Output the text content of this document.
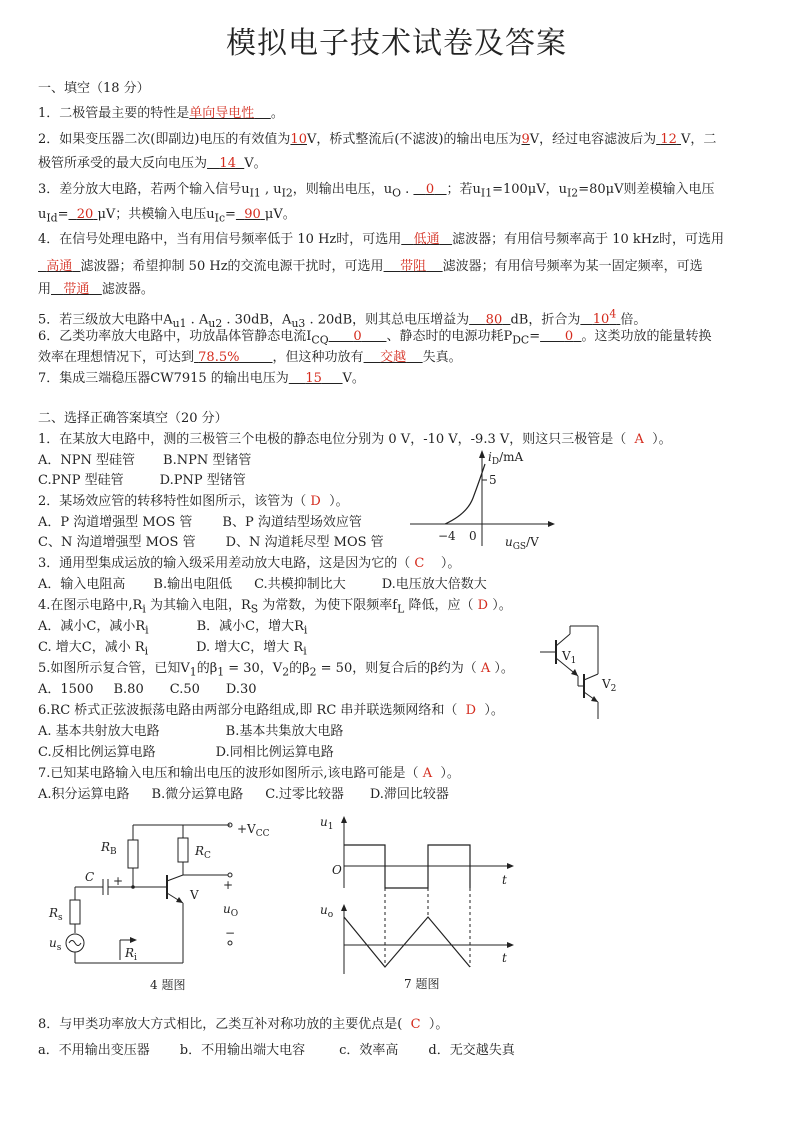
模拟电子技术试卷及答案
一、填空（18 分）
1．二极管最主要的特性是单向导电性 。
2．如果变压器二次(即副边)电压的有效值为10V，桥式整流后(不滤波)的输出电压为9V，经过电容滤波后为 12 V，二
极管所承受的最大反向电压为 14 V。
3．差分放大电路，若两个输入信号$u_{I1}$ , $u_{I2}$，则输出电压，$u_O$ .    0 ；若$u_{I1}=100\mu V$，$u_{I2}=80\mu V$则差模输入电压
$u_{Id}= 20$ μV；共模输入电压$u_{Ic}= 90$ μV。
4．在信号处理电路中，当有用信号频率低于 10 Hz时，可选用 低通 滤波器；有用信号频率高于 10 kHz时，可选用
高通 滤波器；希望抑制 50 Hz的交流电源干扰时，可选用 带阻 滤波器；有用信号频率为某一固定频率，可选
用 带通 滤波器。
5．若三级放大电路中$A_{u1}$ . $A_{u2}$ . 30dB，$A_{u3}$ . 20dB，则其总电压增益为 80 dB，折合为 $10^4$ 倍。
6．乙类功率放大电路中，功放晶体管静态电流$I_{CQ}$ 0 、静态时的电源功耗$P_{DC}= 0$ 。这类功放的能量转换
效率在理想情况下，可达到 78.5%	，但这种功放有 交越 失真。
7．集成三端稳压器CW7915 的输出电压为 15 V。
二、选择正确答案填空（20 分）
1．在某放大电路中，测的三极管三个电极的静态电位分别为 0 V，-10 V，-9.3 V，则这只三极管是（ A ）。
A．NPN 型硅管 B.NPN 型锗管
C.PNP 型硅管	D.PNP 型锗管
2．某场效应管的转移特性如图所示，该管为（ D ）。
A．P 沟道增强型 MOS 管 B、P 沟道结型场效应管
C、N 沟道增强型 MOS 管 D、N 沟道耗尽型 MOS 管
3．通用型集成运放的输入级采用差动放大电路，这是因为它的（ C ）。
A．输入电阻高 B.输出电阻低 C.共模抑制比大	D.电压放大倍数大
4.在图示电路中$,R_i$ 为其输入电阻，$R_S$ 为常数，为使下限频率$f_L$ 降低，应（ D ）。
A．减小C，减小$R_i$	B．减小C，增大$R_i$
C. 增大C，减小 $R_i$	D. 增大C，增大 $R_i$
5.如图所示复合管，已知$V_1$的$\beta_1 = 30$，$V_2$的$\beta_2 = 50$，则复合后的β约为（ A ）。
A．1500 B.80 C.50 D.30
6.RC 桥式正弦波振荡电路由两部分电路组成,即 RC 串并联选频网络和（ D ）。
A. 基本共射放大电路	B.基本共集放大电路
C.反相比例运算电路	D.同相比例运算电路
7.已知某电路输入电压和输出电压的波形如图所示,该电路可能是（ A ）。
A.积分运算电路 B.微分运算电路 C.过零比较器 D.滞回比较器
8．与甲类功率放大方式相比，乙类互补对称功放的主要优点是( C ）。
a．不用输出变压器 b．不用输出端大电容	c．效率高 d．无交越失真
$i_D/mA$
5
−4 0 $u_{GS}/V$
$V_1$
$V_2$
$R_B$	$R_C$
$+V_{CC}$
C +
V
+
$u_O$
−
$R_s$
$u_s$	$R_i$
4 题图
$u_1$
O
t
$u_o$
t
7 题图
